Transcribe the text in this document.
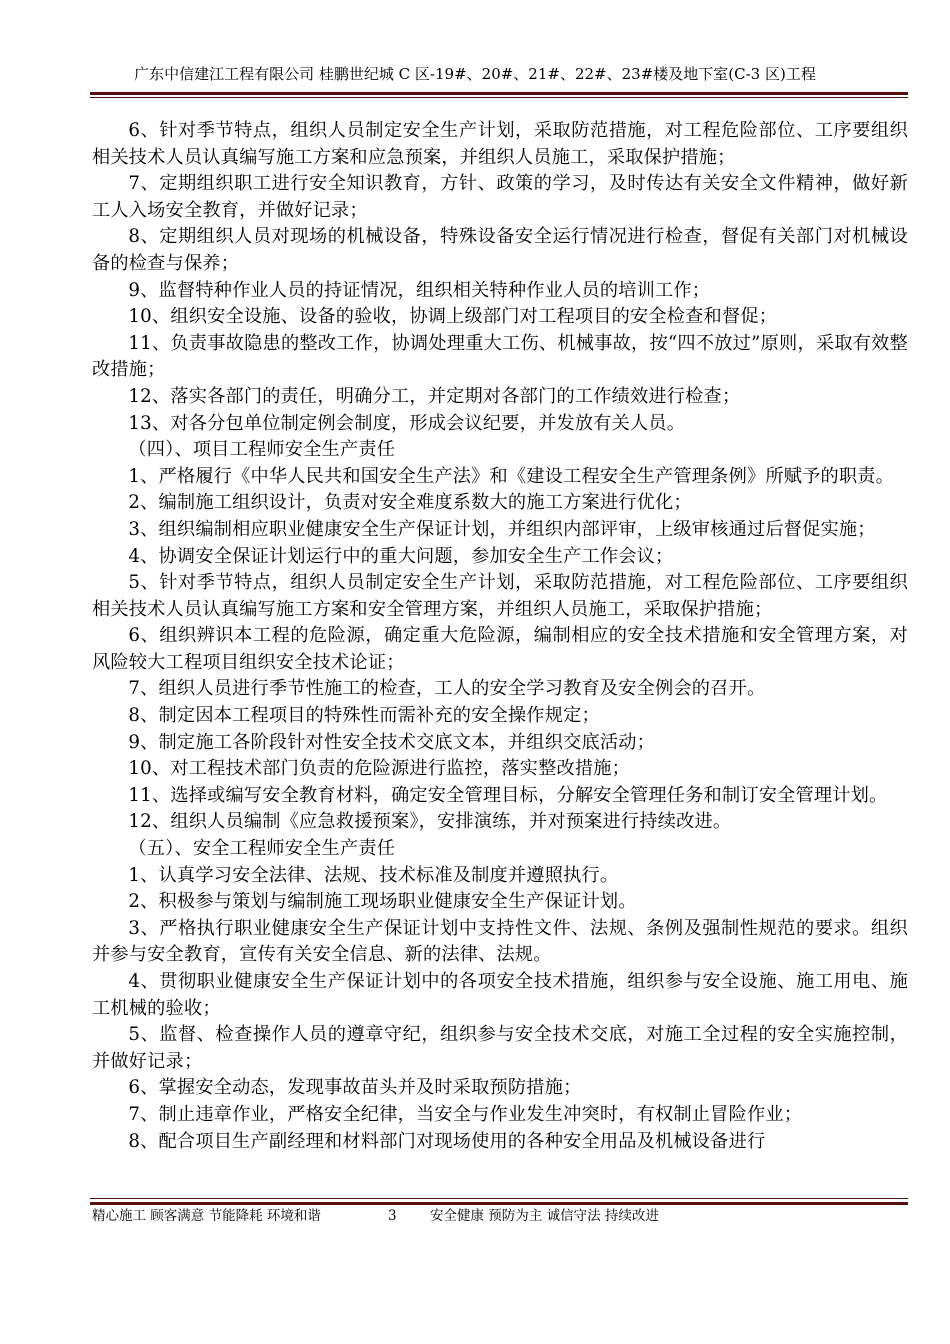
广东中信建江工程有限公司 桂鹏世纪城 C 区-19#、20#、21#、22#、23#楼及地下室(C-3 区)工程

6、针对季节特点，组织人员制定安全生产计划，采取防范措施，对工程危险部位、工序要组织相关技术人员认真编写施工方案和应急预案，并组织人员施工，采取保护措施；

7、定期组织职工进行安全知识教育，方针、政策的学习，及时传达有关安全文件精神，做好新工人入场安全教育，并做好记录；

8、定期组织人员对现场的机械设备，特殊设备安全运行情况进行检查，督促有关部门对机械设备的检查与保养；

9、监督特种作业人员的持证情况，组织相关特种作业人员的培训工作；

10、组织安全设施、设备的验收，协调上级部门对工程项目的安全检查和督促；

11、负责事故隐患的整改工作，协调处理重大工伤、机械事故，按“四不放过”原则，采取有效整改措施；

12、落实各部门的责任，明确分工，并定期对各部门的工作绩效进行检查；

13、对各分包单位制定例会制度，形成会议纪要，并发放有关人员。

（四）、项目工程师安全生产责任

1、严格履行《中华人民共和国安全生产法》和《建设工程安全生产管理条例》所赋予的职责。

2、编制施工组织设计，负责对安全难度系数大的施工方案进行优化；

3、组织编制相应职业健康安全生产保证计划，并组织内部评审，上级审核通过后督促实施；

4、协调安全保证计划运行中的重大问题，参加安全生产工作会议；

5、针对季节特点，组织人员制定安全生产计划，采取防范措施，对工程危险部位、工序要组织相关技术人员认真编写施工方案和安全管理方案，并组织人员施工，采取保护措施；

6、组织辨识本工程的危险源，确定重大危险源，编制相应的安全技术措施和安全管理方案，对风险较大工程项目组织安全技术论证；

7、组织人员进行季节性施工的检查，工人的安全学习教育及安全例会的召开。

8、制定因本工程项目的特殊性而需补充的安全操作规定；

9、制定施工各阶段针对性安全技术交底文本，并组织交底活动；

10、对工程技术部门负责的危险源进行监控，落实整改措施；

11、选择或编写安全教育材料，确定安全管理目标，分解安全管理任务和制订安全管理计划。

12、组织人员编制《应急救援预案》，安排演练，并对预案进行持续改进。

（五）、安全工程师安全生产责任

1、认真学习安全法律、法规、技术标准及制度并遵照执行。

2、积极参与策划与编制施工现场职业健康安全生产保证计划。

3、严格执行职业健康安全生产保证计划中支持性文件、法规、条例及强制性规范的要求。组织并参与安全教育，宣传有关安全信息、新的法律、法规。

4、贯彻职业健康安全生产保证计划中的各项安全技术措施，组织参与安全设施、施工用电、施工机械的验收；

5、监督、检查操作人员的遵章守纪，组织参与安全技术交底，对施工全过程的安全实施控制，并做好记录；

6、掌握安全动态，发现事故苗头并及时采取预防措施；

7、制止违章作业，严格安全纪律，当安全与作业发生冲突时，有权制止冒险作业；

8、配合项目生产副经理和材料部门对现场使用的各种安全用品及机械设备进行

精心施工 顾客满意 节能降耗 环境和谐	3 安全健康 预防为主 诚信守法 持续改进
